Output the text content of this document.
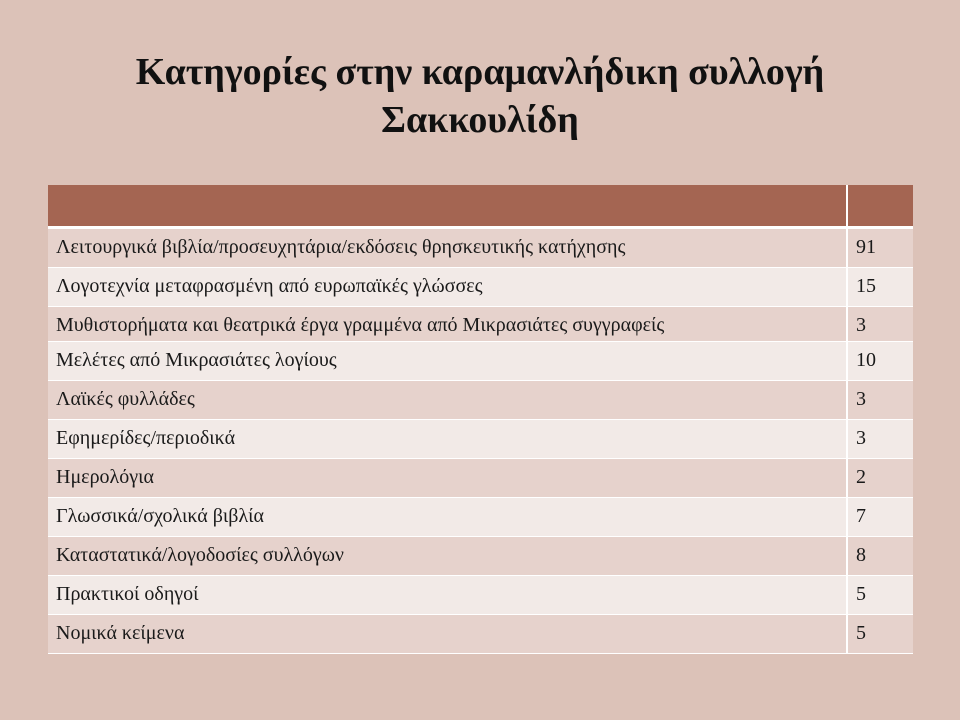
Κατηγορίες στην καραμανλήδικη συλλογή
Σακκουλίδη

Λειτουργικά βιβλία/προσευχητάρια/εκδόσεις θρησκευτικής κατήχησης	91
Λογοτεχνία μεταφρασμένη από ευρωπαϊκές γλώσσες	15
Μυθιστορήματα και θεατρικά έργα γραμμένα από Μικρασιάτες συγγραφείς	3
Μελέτες από Μικρασιάτες λογίους	10
Λαϊκές φυλλάδες	3
Εφημερίδες/περιοδικά	3
Ημερολόγια	2
Γλωσσικά/σχολικά βιβλία	7
Καταστατικά/λογοδοσίες συλλόγων	8
Πρακτικοί οδηγοί	5
Νομικά κείμενα	5
